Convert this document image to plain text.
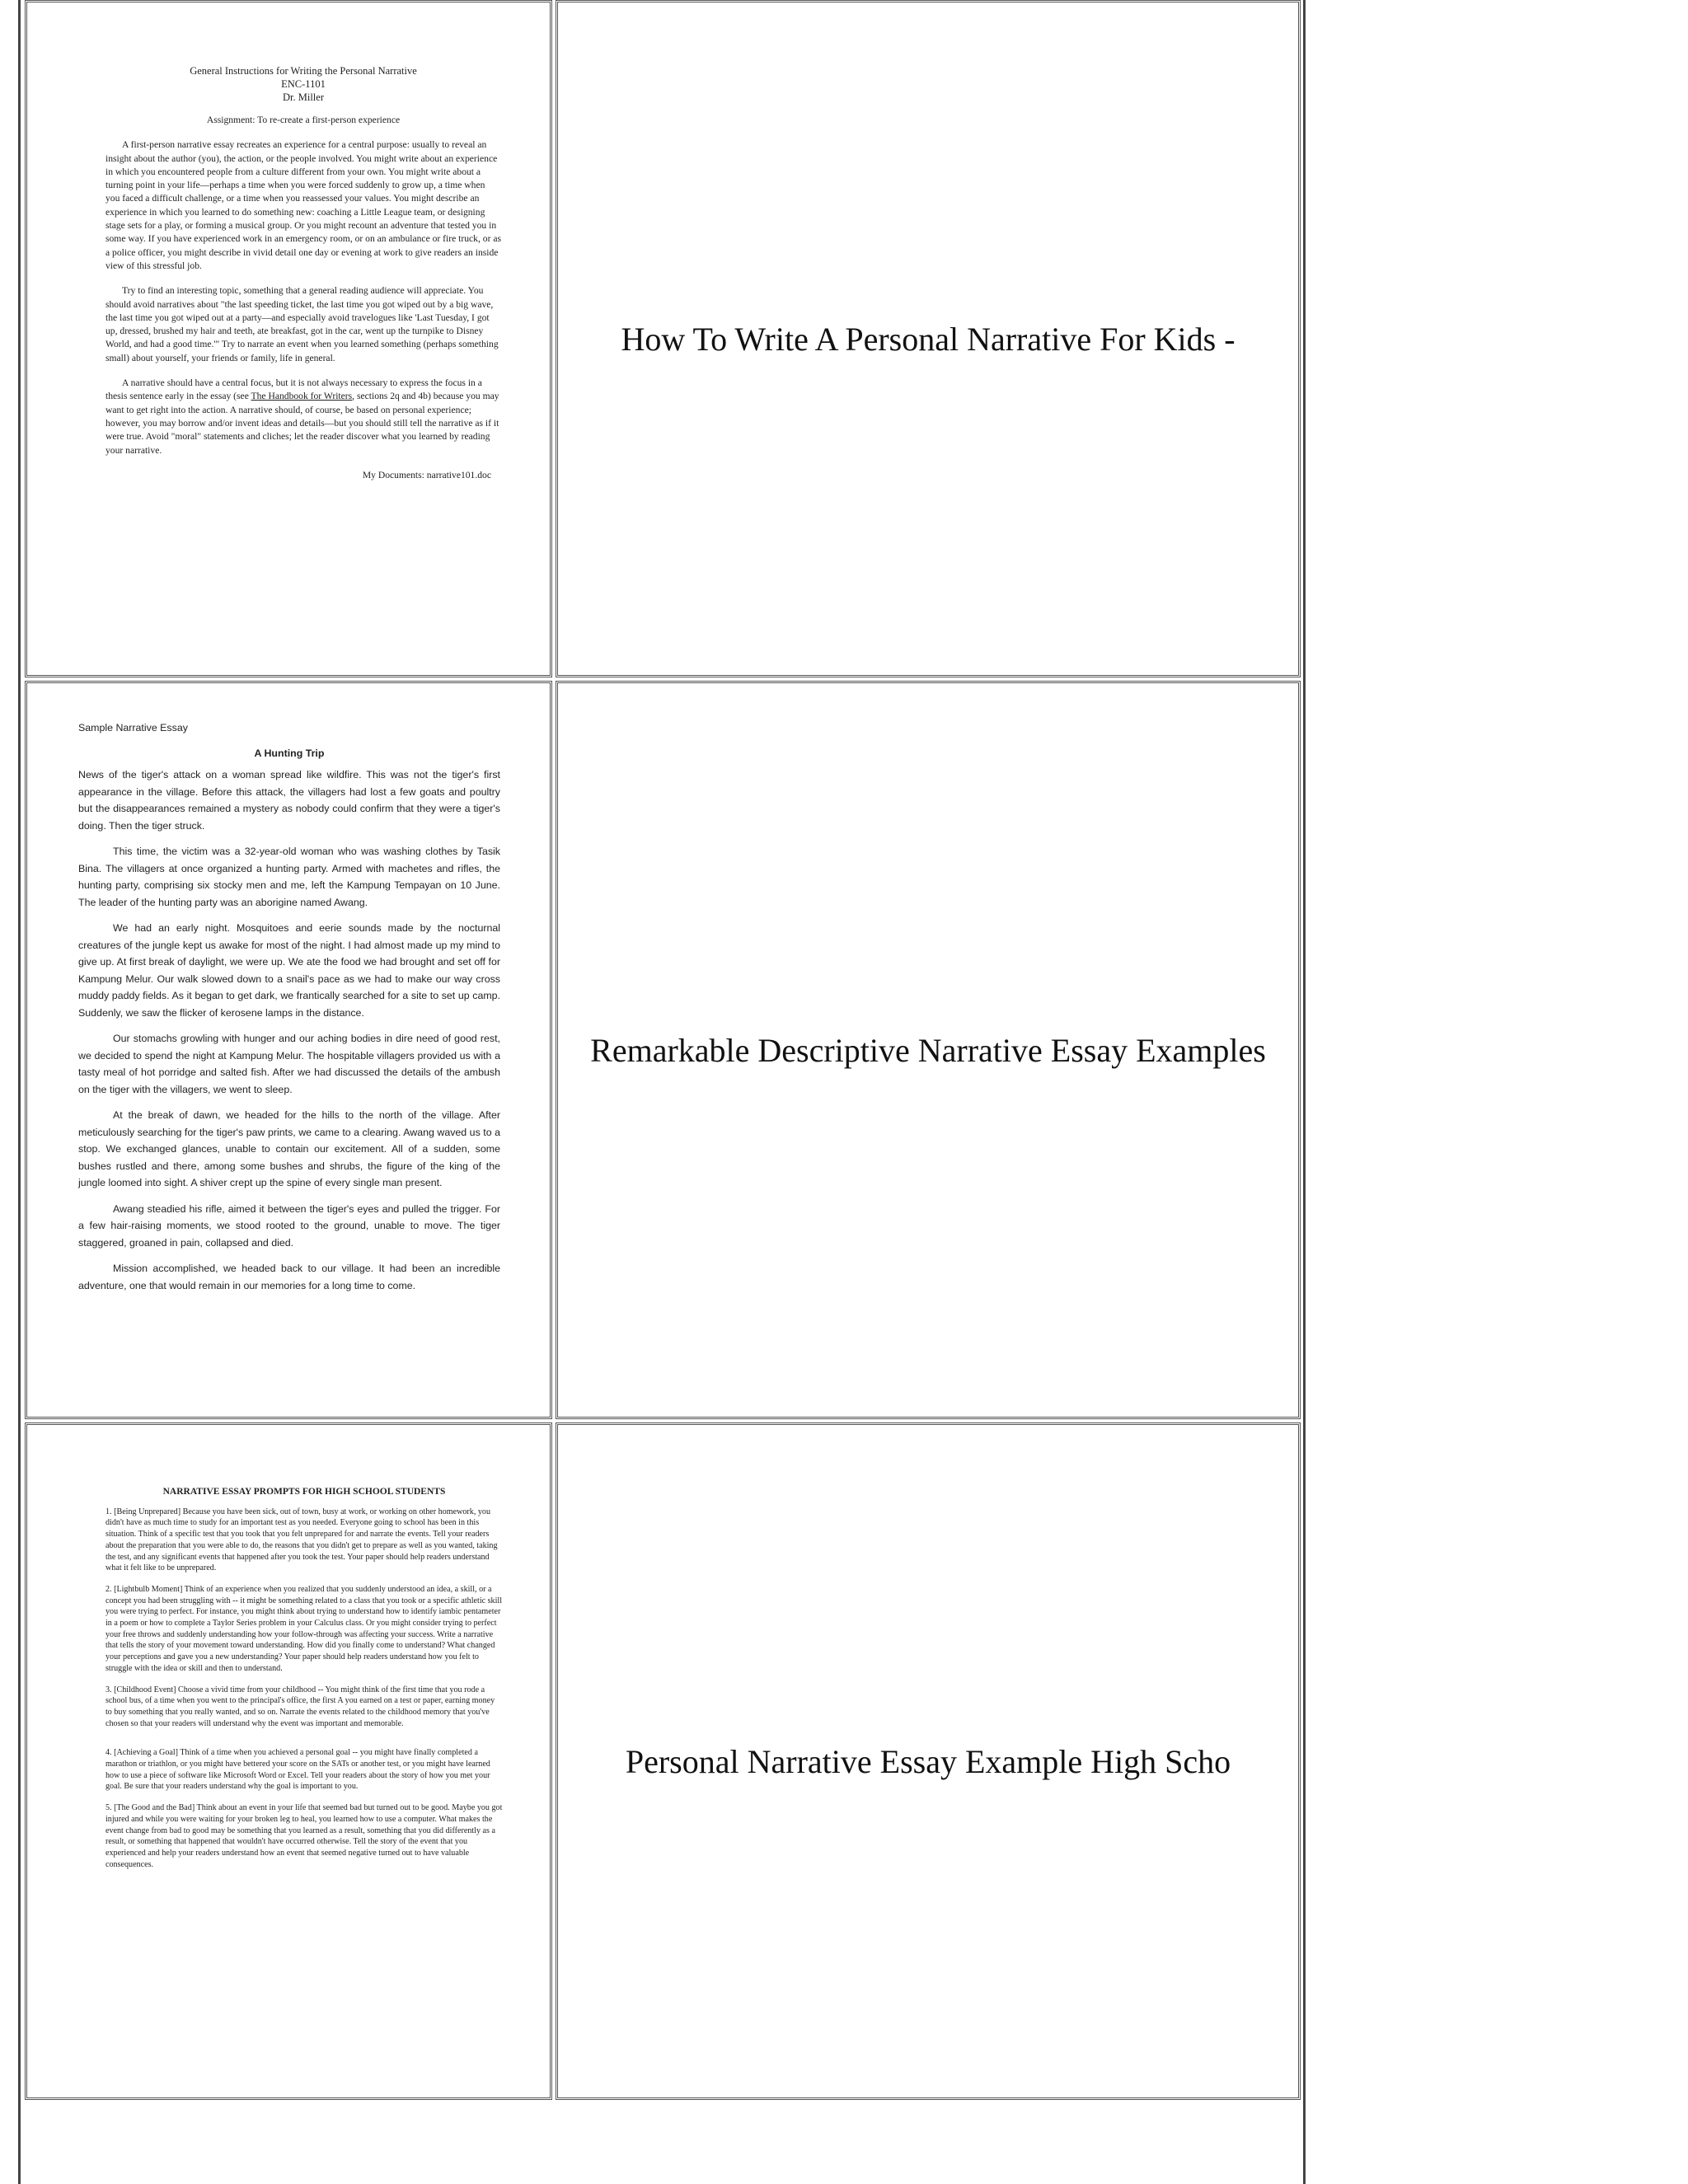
General Instructions for Writing the Personal Narrative
ENC-1101
Dr. Miller
Assignment: To re-create a first-person experience

A first-person narrative essay recreates an experience for a central purpose: usually to reveal an insight about the author (you), the action, or the people involved. You might write about an experience in which you encountered people from a culture different from your own. You might write about a turning point in your life—perhaps a time when you were forced suddenly to grow up, a time when you faced a difficult challenge, or a time when you reassessed your values. You might describe an experience in which you learned to do something new: coaching a Little League team, or designing stage sets for a play, or forming a musical group. Or you might recount an adventure that tested you in some way. If you have experienced work in an emergency room, or on an ambulance or fire truck, or as a police officer, you might describe in vivid detail one day or evening at work to give readers an inside view of this stressful job.

Try to find an interesting topic, something that a general reading audience will appreciate. You should avoid narratives about "the last speeding ticket, the last time you got wiped out by a big wave, the last time you got wiped out at a party—and especially avoid travelogues like 'Last Tuesday, I got up, dressed, brushed my hair and teeth, ate breakfast, got in the car, went up the turnpike to Disney World, and had a good time.'" Try to narrate an event when you learned something (perhaps something small) about yourself, your friends or family, life in general.

A narrative should have a central focus, but it is not always necessary to express the focus in a thesis sentence early in the essay (see The Handbook for Writers, sections 2q and 4b) because you may want to get right into the action. A narrative should, of course, be based on personal experience; however, you may borrow and/or invent ideas and details—but you should still tell the narrative as if it were true. Avoid "moral" statements and cliches; let the reader discover what you learned by reading your narrative.

My Documents: narrative101.doc
How To Write A Personal Narrative For Kids -
Sample Narrative Essay
A Hunting Trip

News of the tiger's attack on a woman spread like wildfire. This was not the tiger's first appearance in the village. Before this attack, the villagers had lost a few goats and poultry but the disappearances remained a mystery as nobody could confirm that they were a tiger's doing. Then the tiger struck.

This time, the victim was a 32-year-old woman who was washing clothes by Tasik Bina. The villagers at once organized a hunting party. Armed with machetes and rifles, the hunting party, comprising six stocky men and me, left the Kampung Tempayan on 10 June. The leader of the hunting party was an aborigine named Awang.

We had an early night. Mosquitoes and eerie sounds made by the nocturnal creatures of the jungle kept us awake for most of the night. I had almost made up my mind to give up. At first break of daylight, we were up. We ate the food we had brought and set off for Kampung Melur. Our walk slowed down to a snail's pace as we had to make our way cross muddy paddy fields. As it began to get dark, we frantically searched for a site to set up camp. Suddenly, we saw the flicker of kerosene lamps in the distance.

Our stomachs growling with hunger and our aching bodies in dire need of good rest, we decided to spend the night at Kampung Melur. The hospitable villagers provided us with a tasty meal of hot porridge and salted fish. After we had discussed the details of the ambush on the tiger with the villagers, we went to sleep.

At the break of dawn, we headed for the hills to the north of the village. After meticulously searching for the tiger's paw prints, we came to a clearing. Awang waved us to a stop. We exchanged glances, unable to contain our excitement. All of a sudden, some bushes rustled and there, among some bushes and shrubs, the figure of the king of the jungle loomed into sight. A shiver crept up the spine of every single man present.

Awang steadied his rifle, aimed it between the tiger's eyes and pulled the trigger. For a few hair-raising moments, we stood rooted to the ground, unable to move. The tiger staggered, groaned in pain, collapsed and died.

Mission accomplished, we headed back to our village. It had been an incredible adventure, one that would remain in our memories for a long time to come.

Remarkable Descriptive Narrative Essay Examples
NARRATIVE ESSAY PROMPTS FOR HIGH SCHOOL STUDENTS

1. [Being Unprepared] Because you have been sick, out of town, busy at work, or working on other homework, you didn't have as much time to study for an important test as you needed. Everyone going to school has been in this situation. Think of a specific test that you took that you felt unprepared for and narrate the events. Tell your readers about the preparation that you were able to do, the reasons that you didn't get to prepare as well as you wanted, taking the test, and any significant events that happened after you took the test. Your paper should help readers understand what it felt like to be unprepared.

2. [Lightbulb Moment] Think of an experience when you realized that you suddenly understood an idea, a skill, or a concept you had been struggling with -- it might be something related to a class that you took or a specific athletic skill you were trying to perfect. For instance, you might think about trying to understand how to identify iambic pentameter in a poem or how to complete a Taylor Series problem in your Calculus class. Or you might consider trying to perfect your free throws and suddenly understanding how your follow-through was affecting your success. Write a narrative that tells the story of your movement toward understanding. How did you finally come to understand? What changed your perceptions and gave you a new understanding? Your paper should help readers understand how you felt to struggle with the idea or skill and then to understand.

3. [Childhood Event] Choose a vivid time from your childhood -- You might think of the first time that you rode a school bus, of a time when you went to the principal's office, the first A you earned on a test or paper, earning money to buy something that you really wanted, and so on. Narrate the events related to the childhood memory that you've chosen so that your readers will understand why the event was important and memorable.

4. [Achieving a Goal] Think of a time when you achieved a personal goal -- you might have finally completed a marathon or triathlon, or you might have bettered your score on the SATs or another test, or you might have learned how to use a piece of software like Microsoft Word or Excel. Tell your readers about the story of how you met your goal. Be sure that your readers understand why the goal is important to you.

5. [The Good and the Bad] Think about an event in your life that seemed bad but turned out to be good. Maybe you got injured and while you were waiting for your broken leg to heal, you learned how to use a computer. What makes the event change from bad to good may be something that you learned as a result, something that you did differently as a result, or something that happened that wouldn't have occurred otherwise. Tell the story of the event that you experienced and help your readers understand how an event that seemed negative turned out to have valuable consequences.

Personal Narrative Essay Example High Scho
